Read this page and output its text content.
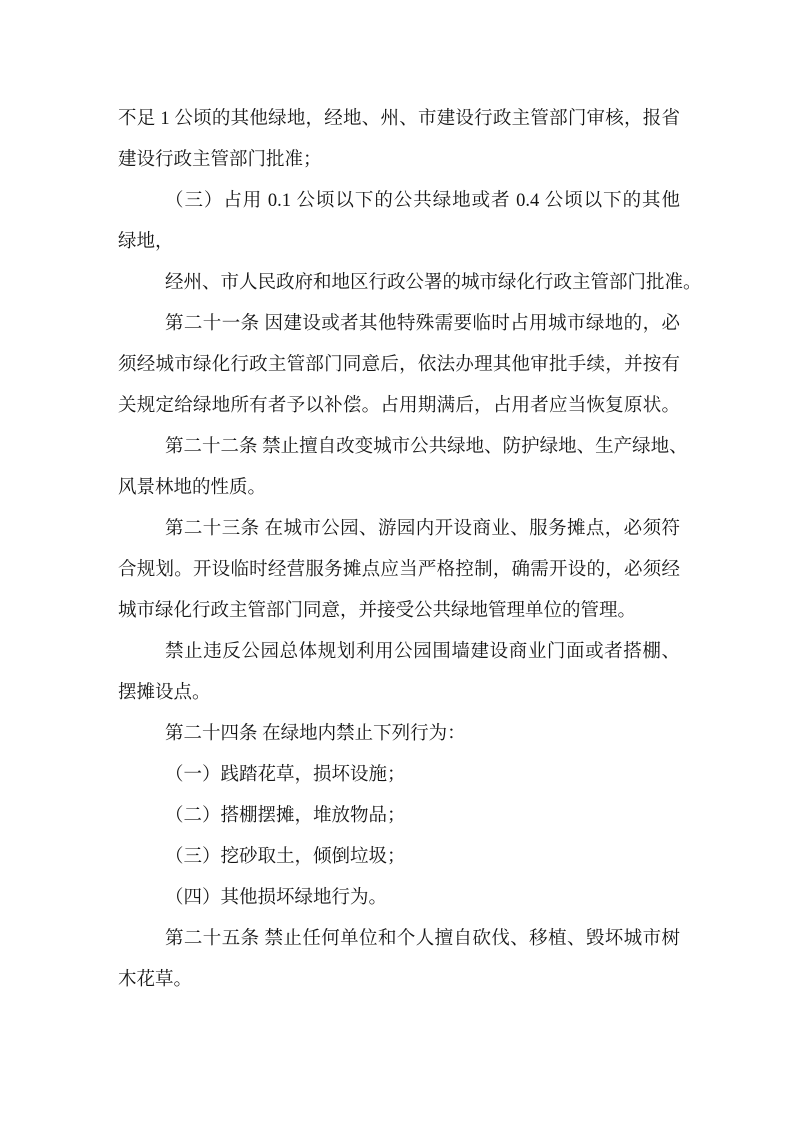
不足 1 公顷的其他绿地，经地、州、市建设行政主管部门审核，报省
建设行政主管部门批准；
（三）占用 0.1 公顷以下的公共绿地或者 0.4 公顷以下的其他
绿地，
经州、市人民政府和地区行政公署的城市绿化行政主管部门批准。
第二十一条 因建设或者其他特殊需要临时占用城市绿地的，必
须经城市绿化行政主管部门同意后，依法办理其他审批手续，并按有
关规定给绿地所有者予以补偿。占用期满后，占用者应当恢复原状。
第二十二条 禁止擅自改变城市公共绿地、防护绿地、生产绿地、
风景林地的性质。
第二十三条 在城市公园、游园内开设商业、服务摊点，必须符
合规划。开设临时经营服务摊点应当严格控制，确需开设的，必须经
城市绿化行政主管部门同意，并接受公共绿地管理单位的管理。
禁止违反公园总体规划利用公园围墙建设商业门面或者搭棚、
摆摊设点。
第二十四条 在绿地内禁止下列行为：
（一）践踏花草，损坏设施；
（二）搭棚摆摊，堆放物品；
（三）挖砂取土，倾倒垃圾；
（四）其他损坏绿地行为。
第二十五条 禁止任何单位和个人擅自砍伐、移植、毁坏城市树
木花草。
